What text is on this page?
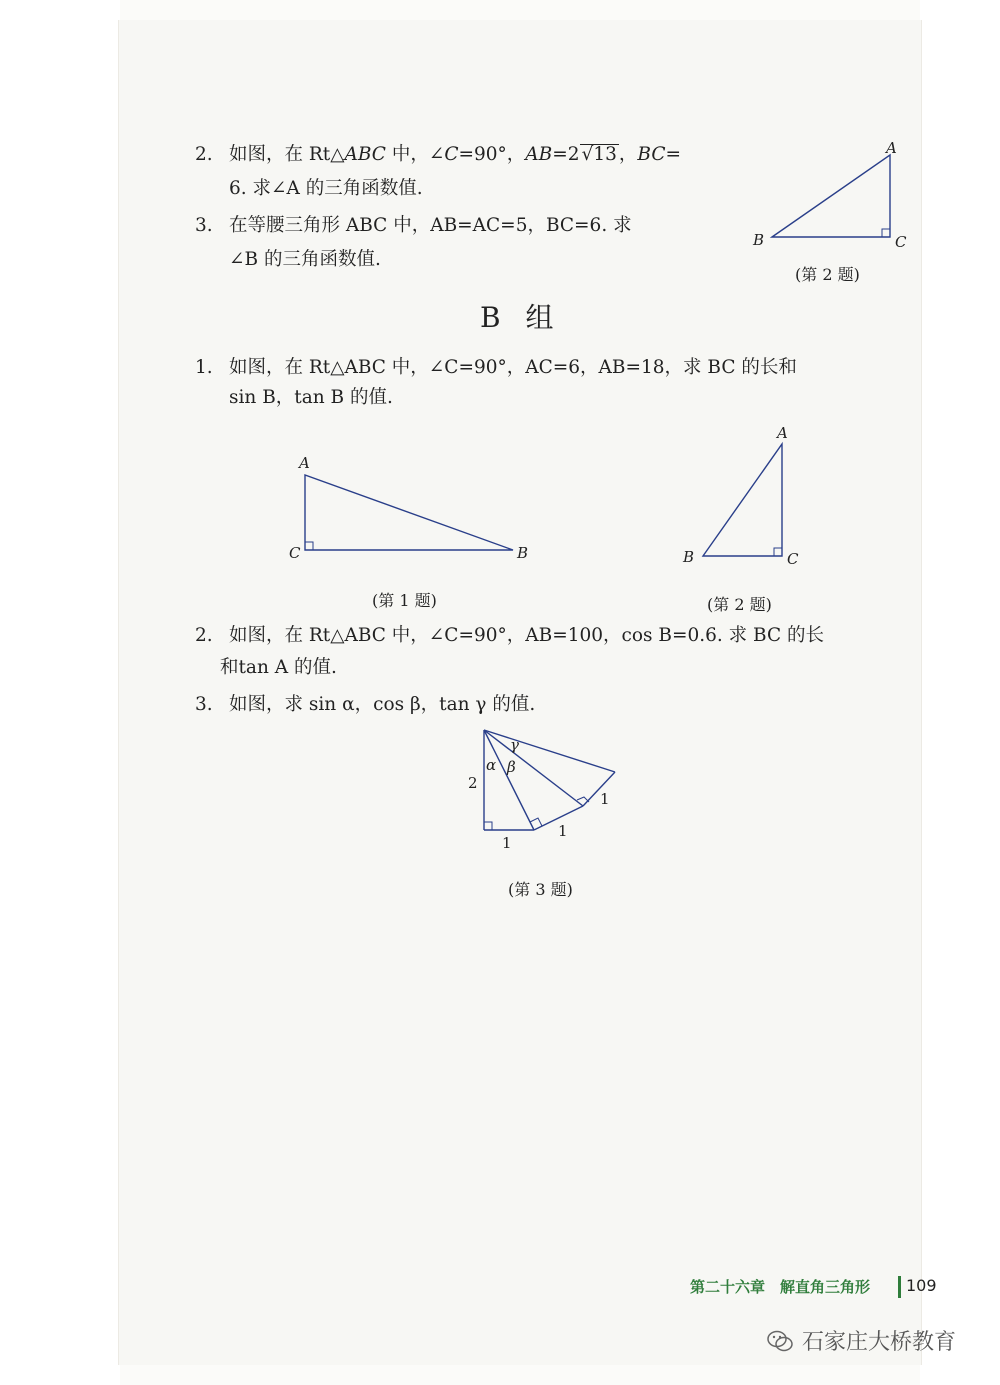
2. 如图，在 Rt△ABC 中，∠C=90°，AB=2 √13 ，BC=
6. 求∠A 的三角函数值.
3. 在等腰三角形 ABC 中，AB=AC=5，BC=6. 求
∠B 的三角函数值.
A
B	C
(第 2 题)
B 组
1. 如图，在 Rt△ABC 中，∠C=90°，AC=6，AB=18，求 BC 的长和
sin B，tan B 的值.
A
C	B
(第 1 题)
A
B	C
(第 2 题)
2. 如图，在 Rt△ABC 中，∠C=90°，AB=100，cos B=0.6. 求 BC 的长
和tan A 的值.
3. 如图，求 sin α，cos β，tan γ 的值.
α β
γ
2
1
1
1
(第 3 题)
第二十六章　解直角三角形 109
石家庄大桥教育
